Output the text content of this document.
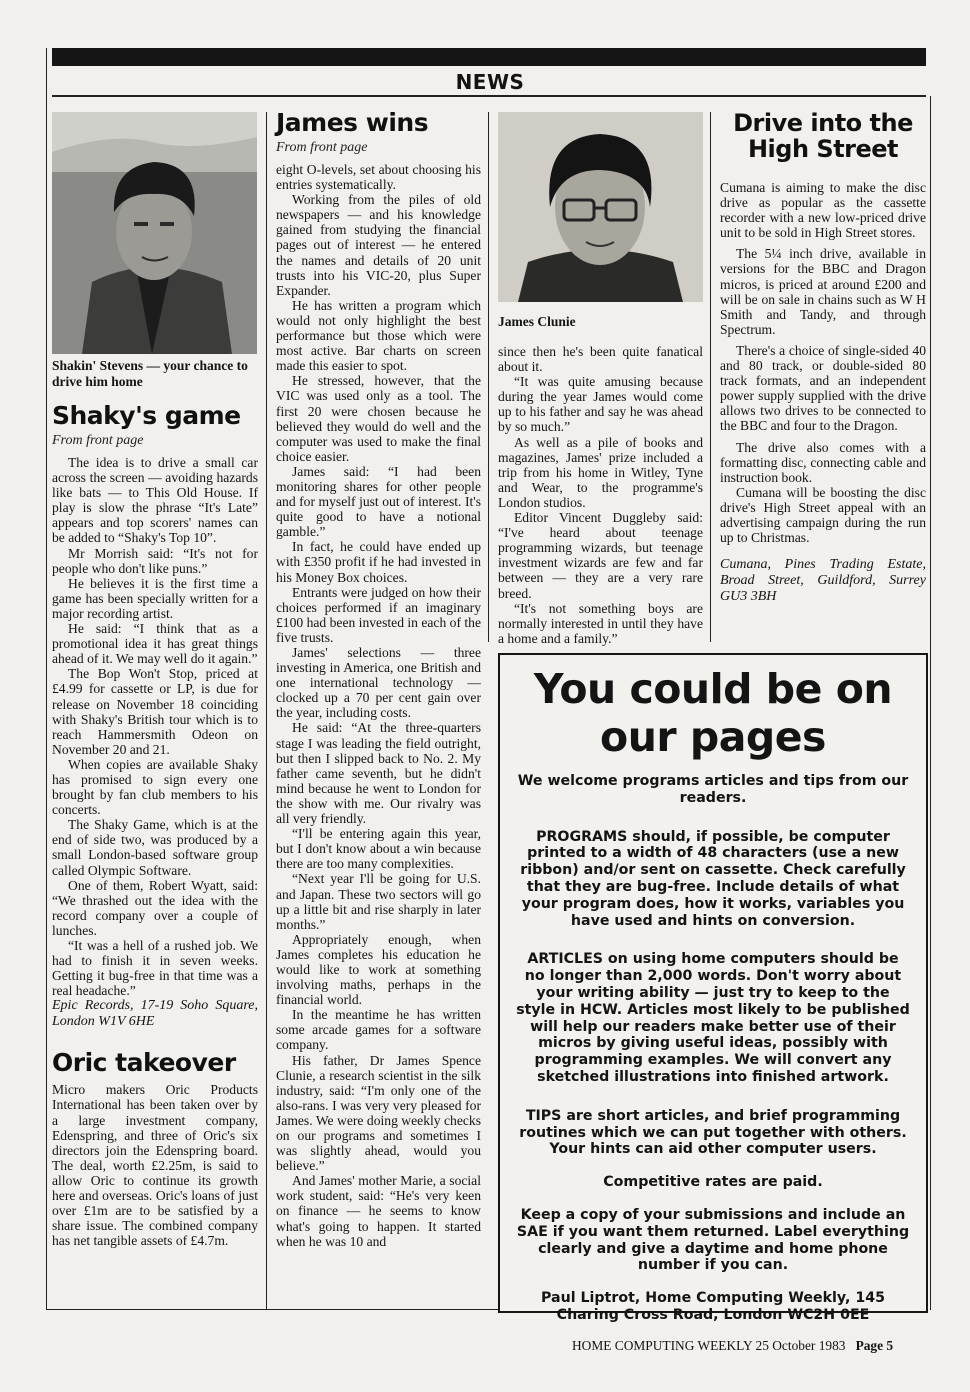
NEWS
Shakin' Stevens — your chance to drive him home
Shaky's game
From front page

The idea is to drive a small car across the screen — avoiding hazards like bats — to This Old House. If play is slow the phrase “It's Late” appears and top scorers' names can be added to “Shaky's Top 10”.

Mr Morrish said: “It's not for people who don't like puns.”

He believes it is the first time a game has been specially written for a major recording artist.

He said: “I think that as a promotional idea it has great things ahead of it. We may well do it again.”

The Bop Won't Stop, priced at £4.99 for cassette or LP, is due for release on November 18 coinciding with Shaky's British tour which is to reach Hammersmith Odeon on November 20 and 21.

When copies are available Shaky has promised to sign every one brought by fan club members to his concerts.

The Shaky Game, which is at the end of side two, was produced by a small London-based software group called Olympic Software.

One of them, Robert Wyatt, said: “We thrashed out the idea with the record company over a couple of lunches.

“It was a hell of a rushed job. We had to finish it in seven weeks. Getting it bug-free in that time was a real headache.”

Epic Records, 17-19 Soho Square, London W1V 6HE
Oric takeover

Micro makers Oric Products International has been taken over by a large investment company, Edenspring, and three of Oric's six directors join the Edenspring board. The deal, worth £2.25m, is said to allow Oric to continue its growth here and overseas. Oric's loans of just over £1m are to be satisfied by a share issue. The combined company has net tangible assets of £4.7m.

James wins
From front page

eight O-levels, set about choosing his entries systematically.

Working from the piles of old newspapers — and his knowledge gained from studying the financial pages out of interest — he entered the names and details of 20 unit trusts into his VIC-20, plus Super Expander.

He has written a program which would not only highlight the best performance but those which were most active. Bar charts on screen made this easier to spot.

He stressed, however, that the VIC was used only as a tool. The first 20 were chosen because he believed they would do well and the computer was used to make the final choice easier.

James said: “I had been monitoring shares for other people and for myself just out of interest. It's quite good to have a notional gamble.”

In fact, he could have ended up with £350 profit if he had invested in his Money Box choices.

Entrants were judged on how their choices performed if an imaginary £100 had been invested in each of the five trusts.

James' selections — three investing in America, one British and one international technology — clocked up a 70 per cent gain over the year, including costs.

He said: “At the three-quarters stage I was leading the field outright, but then I slipped back to No. 2. My father came seventh, but he didn't mind because he went to London for the show with me. Our rivalry was all very friendly.

“I'll be entering again this year, but I don't know about a win because there are too many complexities.

“Next year I'll be going for U.S. and Japan. These two sectors will go up a little bit and rise sharply in later months.”

Appropriately enough, when James completes his education he would like to work at something involving maths, perhaps in the financial world.

In the meantime he has written some arcade games for a software company.

His father, Dr James Spence Clunie, a research scientist in the silk industry, said: “I'm only one of the also-rans. I was very very pleased for James. We were doing weekly checks on our programs and sometimes I was slightly ahead, would you believe.”

And James' mother Marie, a social work student, said: “He's very keen on finance — he seems to know what's going to happen. It started when he was 10 and

James Clunie

since then he's been quite fanatical about it.

“It was quite amusing because during the year James would come up to his father and say he was ahead by so much.”

As well as a pile of books and magazines, James' prize included a trip from his home in Witley, Tyne and Wear, to the programme's London studios.

Editor Vincent Duggleby said: “I've heard about teenage programming wizards, but teenage investment wizards are few and far between — they are a very rare breed.

“It's not something boys are normally interested in until they have a home and a family.”

Drive into the High Street

Cumana is aiming to make the disc drive as popular as the cassette recorder with a new low-priced drive unit to be sold in High Street stores.

The 5¼ inch drive, available in versions for the BBC and Dragon micros, is priced at around £200 and will be on sale in chains such as W H Smith and Tandy, and through Spectrum.

There's a choice of single-sided 40 and 80 track, or double-sided 80 track formats, and an independent power supply supplied with the drive allows two drives to be connected to the BBC and four to the Dragon.

The drive also comes with a formatting disc, connecting cable and instruction book.

Cumana will be boosting the disc drive's High Street appeal with an advertising campaign during the run up to Christmas.

Cumana, Pines Trading Estate, Broad Street, Guildford, Surrey GU3 3BH
You could be on our pages
We welcome programs articles and tips from our readers.
PROGRAMS should, if possible, be computer printed to a width of 48 characters (use a new ribbon) and/or sent on cassette. Check carefully that they are bug-free. Include details of what your program does, how it works, variables you have used and hints on conversion.
ARTICLES on using home computers should be no longer than 2,000 words. Don't worry about your writing ability — just try to keep to the style in HCW. Articles most likely to be published will help our readers make better use of their micros by giving useful ideas, possibly with programming examples. We will convert any sketched illustrations into finished artwork.
TIPS are short articles, and brief programming routines which we can put together with others. Your hints can aid other computer users.
Competitive rates are paid.
Keep a copy of your submissions and include an SAE if you want them returned. Label everything clearly and give a daytime and home phone number if you can.
Paul Liptrot, Home Computing Weekly, 145 Charing Cross Road, London WC2H 0EE
HOME COMPUTING WEEKLY 25 October 1983 Page 5
